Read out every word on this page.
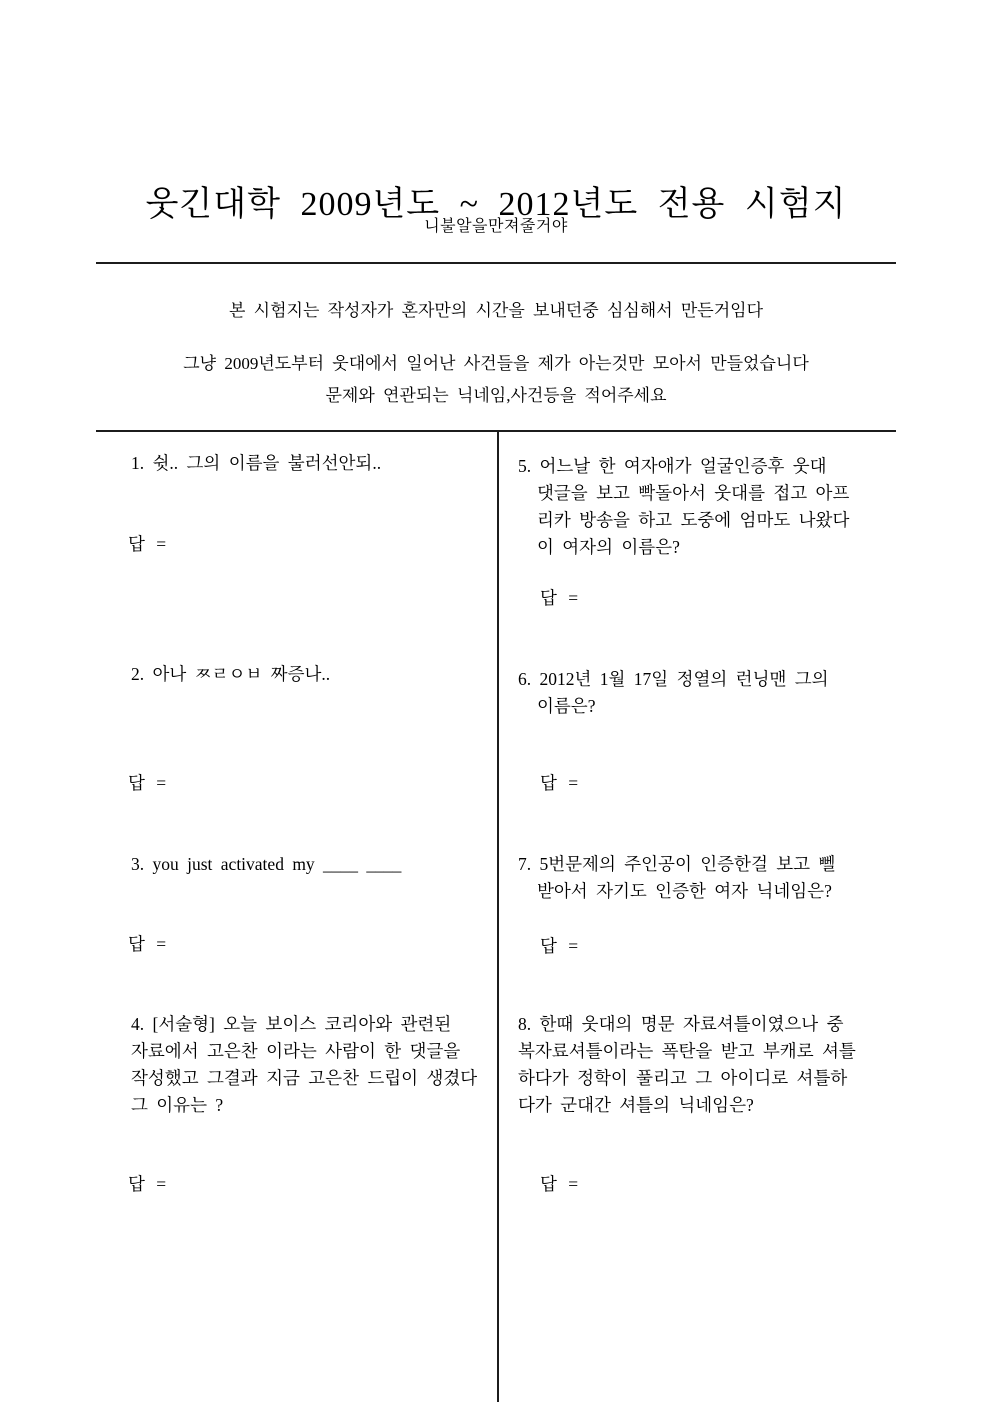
웃긴대학 2009년도 ~ 2012년도 전용 시험지
니불알을만져줄거야
본 시험지는 작성자가 혼자만의 시간을 보내던중 심심해서 만든거임다
그냥 2009년도부터 웃대에서 일어난 사건들을 제가 아는것만 모아서 만들었습니다
문제와 연관되는 닉네임,사건등을 적어주세요
1. 쉿.. 그의 이름을 불러선안되..
답 =
2. 아나 ㅉㄹㅇㅂ 짜증나..
답 =
3. you just activated my ____ ____
답 =
4. [서술형] 오늘 보이스 코리아와 관련된
자료에서 고은찬 이라는 사람이 한 댓글을
작성했고 그결과 지금 고은찬 드립이 생겼다
그 이유는 ?
답 =
5. 어느날 한 여자애가 얼굴인증후 웃대
댓글을 보고 빡돌아서 웃대를 접고 아프
리카 방송을 하고 도중에 엄마도 나왔다
이 여자의 이름은?
답 =
6. 2012년 1월 17일 정열의 런닝맨 그의
이름은?
답 =
7. 5번문제의 주인공이 인증한걸 보고 뻴
받아서 자기도 인증한 여자 닉네임은?
답 =
8. 한때 웃대의 명문 자료셔틀이였으나 중
복자료셔틀이라는 폭탄을 받고 부캐로 셔틀
하다가 정학이 풀리고 그 아이디로 셔틀하
다가 군대간 셔틀의 닉네임은?
답 =
